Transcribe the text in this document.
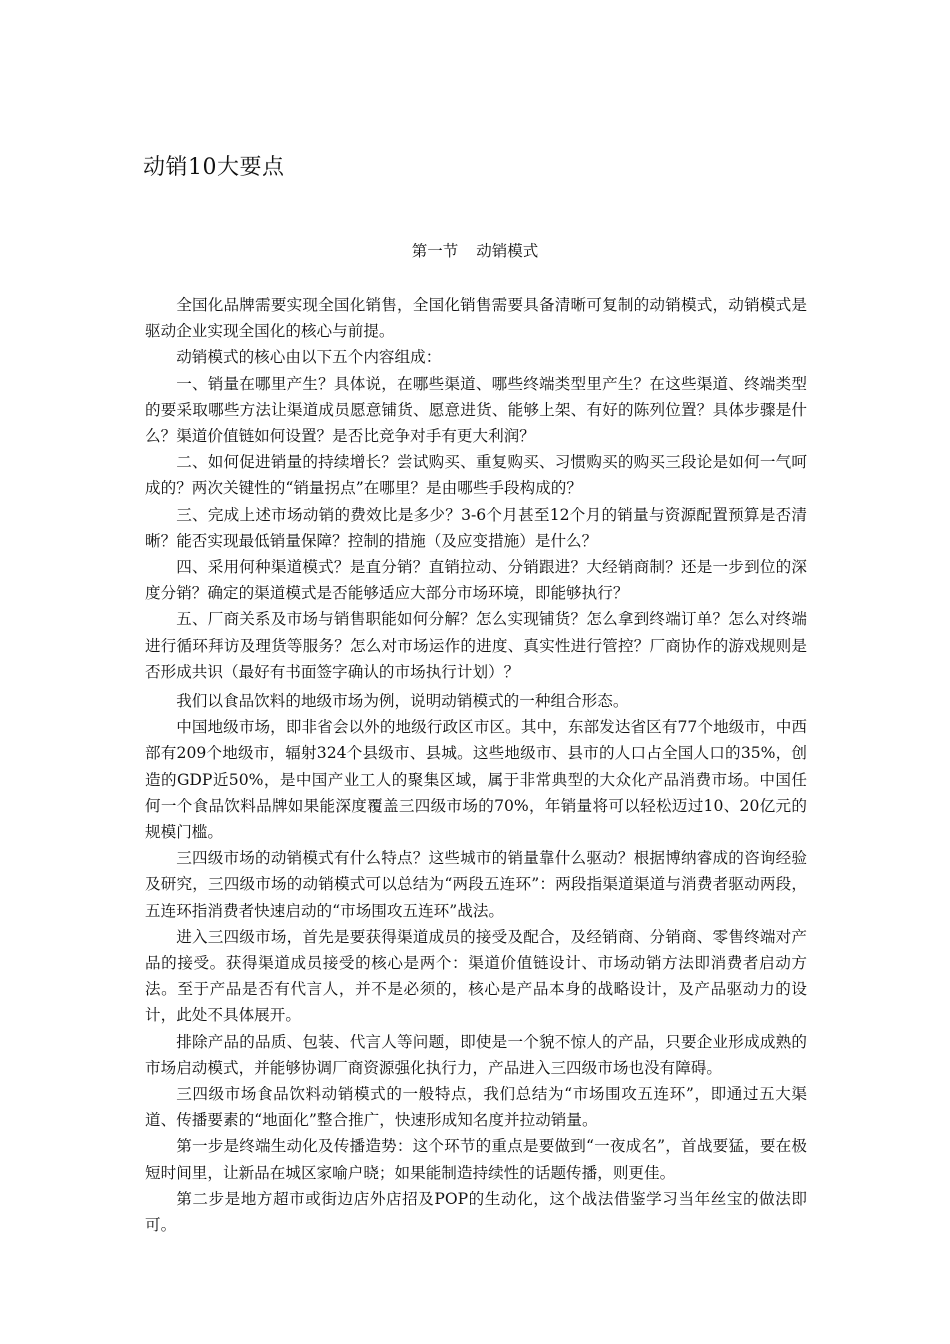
动销10大要点
第一节 动销模式

全国化品牌需要实现全国化销售，全国化销售需要具备清晰可复制的动销模式，动销模式是驱动企业实现全国化的核心与前提。

动销模式的核心由以下五个内容组成：

一、销量在哪里产生？具体说，在哪些渠道、哪些终端类型里产生？在这些渠道、终端类型的要采取哪些方法让渠道成员愿意铺货、愿意进货、能够上架、有好的陈列位置？具体步骤是什么？渠道价值链如何设置？是否比竞争对手有更大利润？

二、如何促进销量的持续增长？尝试购买、重复购买、习惯购买的购买三段论是如何一气呵成的？两次关键性的“销量拐点”在哪里？是由哪些手段构成的？

三、完成上述市场动销的费效比是多少？3-6个月甚至12个月的销量与资源配置预算是否清晰？能否实现最低销量保障？控制的措施（及应变措施）是什么？

四、采用何种渠道模式？是直分销？直销拉动、分销跟进？大经销商制？还是一步到位的深度分销？确定的渠道模式是否能够适应大部分市场环境，即能够执行？

五、厂商关系及市场与销售职能如何分解？怎么实现铺货？怎么拿到终端订单？怎么对终端进行循环拜访及理货等服务？怎么对市场运作的进度、真实性进行管控？厂商协作的游戏规则是否形成共识（最好有书面签字确认的市场执行计划）？

我们以食品饮料的地级市场为例，说明动销模式的一种组合形态。

中国地级市场，即非省会以外的地级行政区市区。其中，东部发达省区有77个地级市，中西部有209个地级市，辐射324个县级市、县城。这些地级市、县市的人口占全国人口的35%，创造的GDP近50%，是中国产业工人的聚集区域，属于非常典型的大众化产品消费市场。中国任何一个食品饮料品牌如果能深度覆盖三四级市场的70%，年销量将可以轻松迈过10、20亿元的规模门槛。

三四级市场的动销模式有什么特点？这些城市的销量靠什么驱动？根据博纳睿成的咨询经验及研究，三四级市场的动销模式可以总结为“两段五连环”：两段指渠道渠道与消费者驱动两段，五连环指消费者快速启动的“市场围攻五连环”战法。

进入三四级市场，首先是要获得渠道成员的接受及配合，及经销商、分销商、零售终端对产品的接受。获得渠道成员接受的核心是两个：渠道价值链设计、市场动销方法即消费者启动方法。至于产品是否有代言人，并不是必须的，核心是产品本身的战略设计，及产品驱动力的设计，此处不具体展开。

排除产品的品质、包装、代言人等问题，即使是一个貌不惊人的产品，只要企业形成成熟的市场启动模式，并能够协调厂商资源强化执行力，产品进入三四级市场也没有障碍。

三四级市场食品饮料动销模式的一般特点，我们总结为“市场围攻五连环”，即通过五大渠道、传播要素的“地面化”整合推广，快速形成知名度并拉动销量。

第一步是终端生动化及传播造势：这个环节的重点是要做到“一夜成名”，首战要猛，要在极短时间里，让新品在城区家喻户晓；如果能制造持续性的话题传播，则更佳。

第二步是地方超市或街边店外店招及POP的生动化，这个战法借鉴学习当年丝宝的做法即可。
